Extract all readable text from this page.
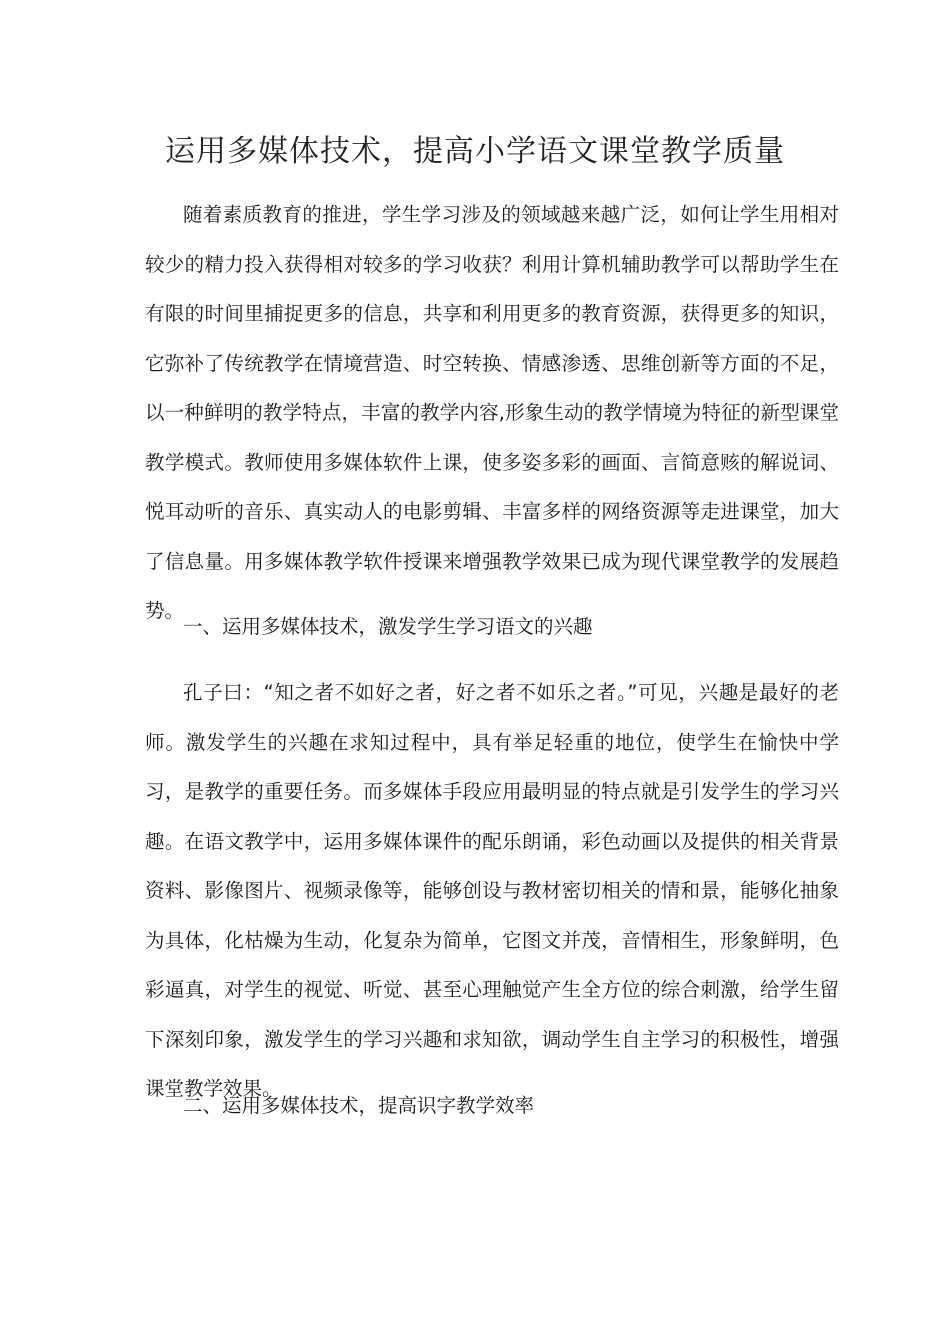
运用多媒体技术，提高小学语文课堂教学质量

随着素质教育的推进，学生学习涉及的领域越来越广泛，如何让学生用相对较少的精力投入获得相对较多的学习收获？利用计算机辅助教学可以帮助学生在有限的时间里捕捉更多的信息，共享和利用更多的教育资源，获得更多的知识，它弥补了传统教学在情境营造、时空转换、情感渗透、思维创新等方面的不足，以一种鲜明的教学特点，丰富的教学内容,形象生动的教学情境为特征的新型课堂教学模式。教师使用多媒体软件上课，使多姿多彩的画面、言简意赅的解说词、悦耳动听的音乐、真实动人的电影剪辑、丰富多样的网络资源等走进课堂，加大了信息量。用多媒体教学软件授课来增强教学效果已成为现代课堂教学的发展趋势。

一、运用多媒体技术，激发学生学习语文的兴趣

孔子曰：“知之者不如好之者，好之者不如乐之者。”可见，兴趣是最好的老师。激发学生的兴趣在求知过程中，具有举足轻重的地位，使学生在愉快中学习，是教学的重要任务。而多媒体手段应用最明显的特点就是引发学生的学习兴趣。在语文教学中，运用多媒体课件的配乐朗诵，彩色动画以及提供的相关背景资料、影像图片、视频录像等，能够创设与教材密切相关的情和景，能够化抽象为具体，化枯燥为生动，化复杂为简单，它图文并茂，音情相生，形象鲜明，色彩逼真，对学生的视觉、听觉、甚至心理触觉产生全方位的综合刺激，给学生留下深刻印象，激发学生的学习兴趣和求知欲，调动学生自主学习的积极性，增强课堂教学效果。

二、运用多媒体技术，提高识字教学效率
